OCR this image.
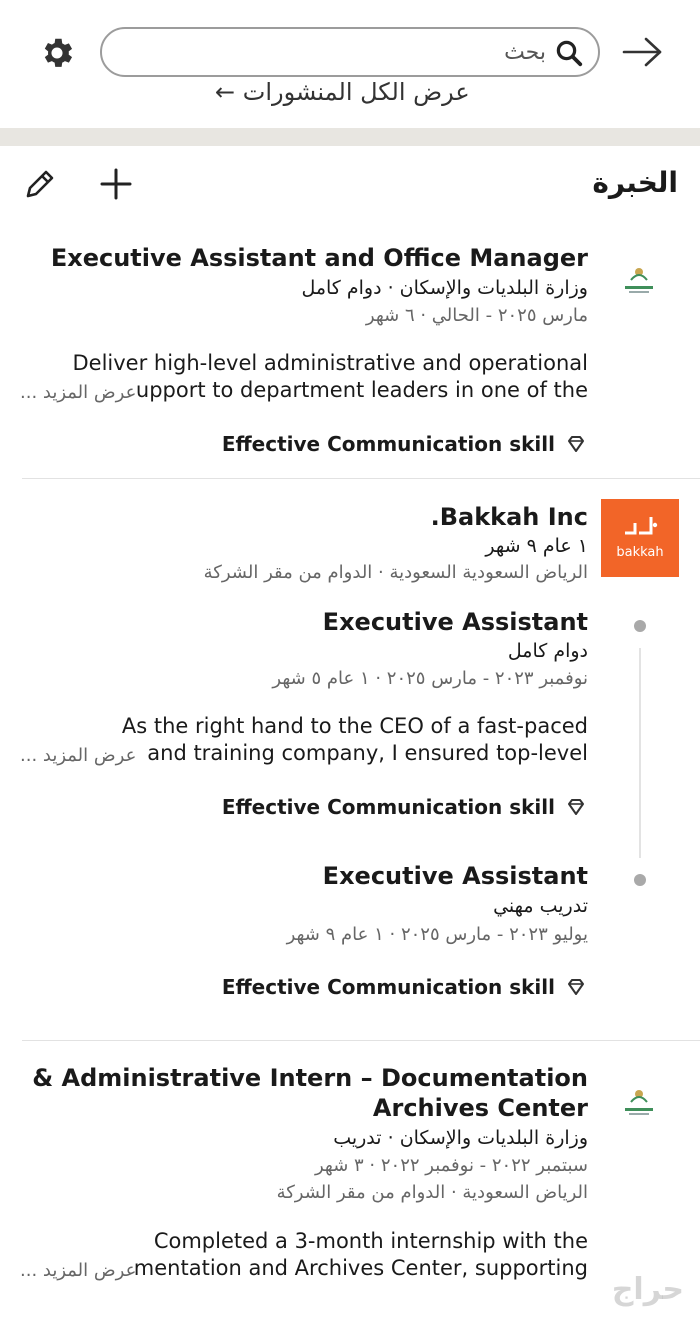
بحث
عرض الكل المنشورات ←
الخبرة
Executive Assistant and Office Manager
وزارة البلديات والإسكان · دوام كامل
مارس ٢٠٢٥ - الحالي · ٦ شهر
Deliver high-level administrative and operational
upport to department leaders in one of the
عرض المزيد ...
Effective Communication skill
bakkah
Bakkah Inc.
١ عام ٩ شهر
الرياض السعودية السعودية · الدوام من مقر الشركة
Executive Assistant
دوام كامل
نوفمبر ٢٠٢٣ - مارس ٢٠٢٥ · ١ عام ٥ شهر
As the right hand to the CEO of a fast-paced
and training company, I ensured top-level
عرض المزيد ...
Effective Communication skill
Executive Assistant
تدريب مهني
يوليو ٢٠٢٣ - مارس ٢٠٢٥ · ١ عام ٩ شهر
Effective Communication skill
Administrative Intern – Documentation &
Archives Center
وزارة البلديات والإسكان · تدريب
سبتمبر ٢٠٢٢ - نوفمبر ٢٠٢٢ · ٣ شهر
الرياض السعودية · الدوام من مقر الشركة
Completed a 3-month internship with the
mentation and Archives Center, supporting
عرض المزيد ...
حراج
